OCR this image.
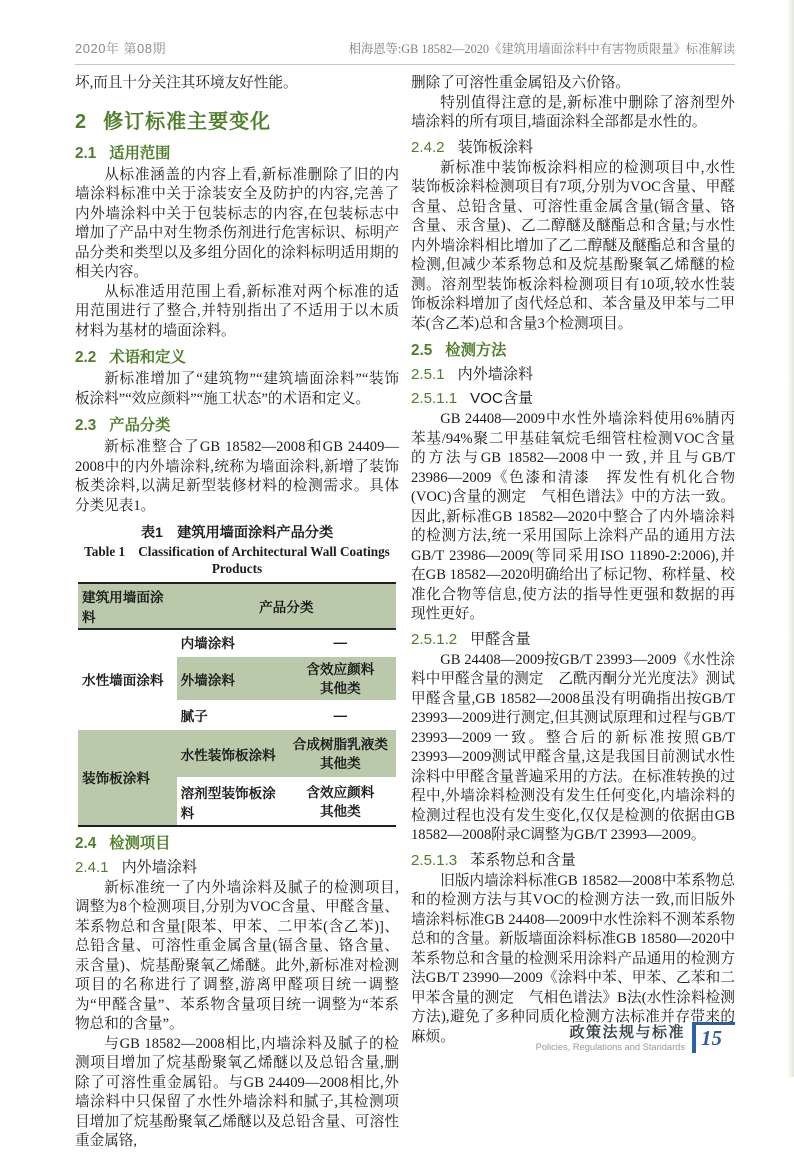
2020年 第08期	相海恩等:GB 18582—2020《建筑用墙面涂料中有害物质限量》标准解读

坏,而且十分关注其环境友好性能。

2 修订标准主要变化
2.1 适用范围

从标准涵盖的内容上看,新标准删除了旧的内墙涂料标准中关于涂装安全及防护的内容,完善了内外墙涂料中关于包装标志的内容,在包装标志中增加了产品中对生物杀伤剂进行危害标识、标明产品分类和类型以及多组分固化的涂料标明适用期的相关内容。

从标准适用范围上看,新标准对两个标准的适用范围进行了整合,并特别指出了不适用于以木质材料为基材的墙面涂料。

2.2 术语和定义

新标准增加了“建筑物”“建筑墙面涂料”“装饰板涂料”“效应颜料”“施工状态”的术语和定义。

2.3 产品分类

新标准整合了GB 18582—2008和GB 24409—2008中的内外墙涂料,统称为墙面涂料,新增了装饰板类涂料,以满足新型装修材料的检测需求。具体分类见表1。

表1　建筑用墙面涂料产品分类
Table 1　Classification of Architectural Wall Coatings
Products
建筑用墙面涂料	产品分类	
水性墙面涂料	内墙涂料	—
	外墙涂料	含效应颜料
其他类

	腻子	—
装饰板涂料	水性装饰板涂料	合成树脂乳液类
其他类

	溶剂型装饰板涂料	含效应颜料
其他类
2.4 检测项目
2.4.1 内外墙涂料

新标准统一了内外墙涂料及腻子的检测项目,调整为8个检测项目,分别为VOC含量、甲醛含量、苯系物总和含量[限苯、甲苯、二甲苯(含乙苯)]、总铅含量、可溶性重金属含量(镉含量、铬含量、汞含量)、烷基酚聚氧乙烯醚。此外,新标准对检测项目的名称进行了调整,游离甲醛项目统一调整为“甲醛含量”、苯系物含量项目统一调整为“苯系物总和的含量”。

与GB 18582—2008相比,内墙涂料及腻子的检测项目增加了烷基酚聚氧乙烯醚以及总铅含量,删除了可溶性重金属铅。与GB 24409—2008相比,外墙涂料中只保留了水性外墙涂料和腻子,其检测项目增加了烷基酚聚氧乙烯醚以及总铅含量、可溶性重金属铬,

删除了可溶性重金属铅及六价铬。

特别值得注意的是,新标准中删除了溶剂型外墙涂料的所有项目,墙面涂料全部都是水性的。

2.4.2 装饰板涂料

新标准中装饰板涂料相应的检测项目中,水性装饰板涂料检测项目有7项,分别为VOC含量、甲醛含量、总铅含量、可溶性重金属含量(镉含量、铬含量、汞含量)、乙二醇醚及醚酯总和含量;与水性内外墙涂料相比增加了乙二醇醚及醚酯总和含量的检测,但减少苯系物总和及烷基酚聚氧乙烯醚的检测。溶剂型装饰板涂料检测项目有10项,较水性装饰板涂料增加了卤代烃总和、苯含量及甲苯与二甲苯(含乙苯)总和含量3个检测项目。

2.5 检测方法
2.5.1 内外墙涂料
2.5.1.1 VOC含量

GB 24408—2009中水性外墙涂料使用6%腈丙苯基/94%聚二甲基硅氧烷毛细管柱检测VOC含量的方法与GB 18582—2008中一致,并且与GB/T 23986—2009《色漆和清漆　挥发性有机化合物(VOC)含量的测定　气相色谱法》中的方法一致。因此,新标准GB 18582—2020中整合了内外墙涂料的检测方法,统一采用国际上涂料产品的通用方法GB/T 23986—2009(等同采用ISO 11890-2:2006),并在GB 18582—2020明确给出了标记物、称样量、校准化合物等信息,使方法的指导性更强和数据的再现性更好。

2.5.1.2 甲醛含量

GB 24408—2009按GB/T 23993—2009《水性涂料中甲醛含量的测定　乙酰丙酮分光光度法》测试甲醛含量,GB 18582—2008虽没有明确指出按GB/T 23993—2009进行测定,但其测试原理和过程与GB/T 23993—2009一致。整合后的新标准按照GB/T 23993—2009测试甲醛含量,这是我国目前测试水性涂料中甲醛含量普遍采用的方法。在标准转换的过程中,外墙涂料检测没有发生任何变化,内墙涂料的检测过程也没有发生变化,仅仅是检测的依据由GB 18582—2008附录C调整为GB/T 23993—2009。

2.5.1.3 苯系物总和含量

旧版内墙涂料标准GB 18582—2008中苯系物总和的检测方法与其VOC的检测方法一致,而旧版外墙涂料标准GB 24408—2009中水性涂料不测苯系物总和的含量。新版墙面涂料标准GB 18580—2020中苯系物总和含量的检测采用涂料产品通用的检测方法GB/T 23990—2009《涂料中苯、甲苯、乙苯和二甲苯含量的测定　气相色谱法》B法(水性涂料检测方法),避免了多种同质化检测方法标准并存带来的麻烦。	政策法规与标准
Policies, Regulations and Standards 15
